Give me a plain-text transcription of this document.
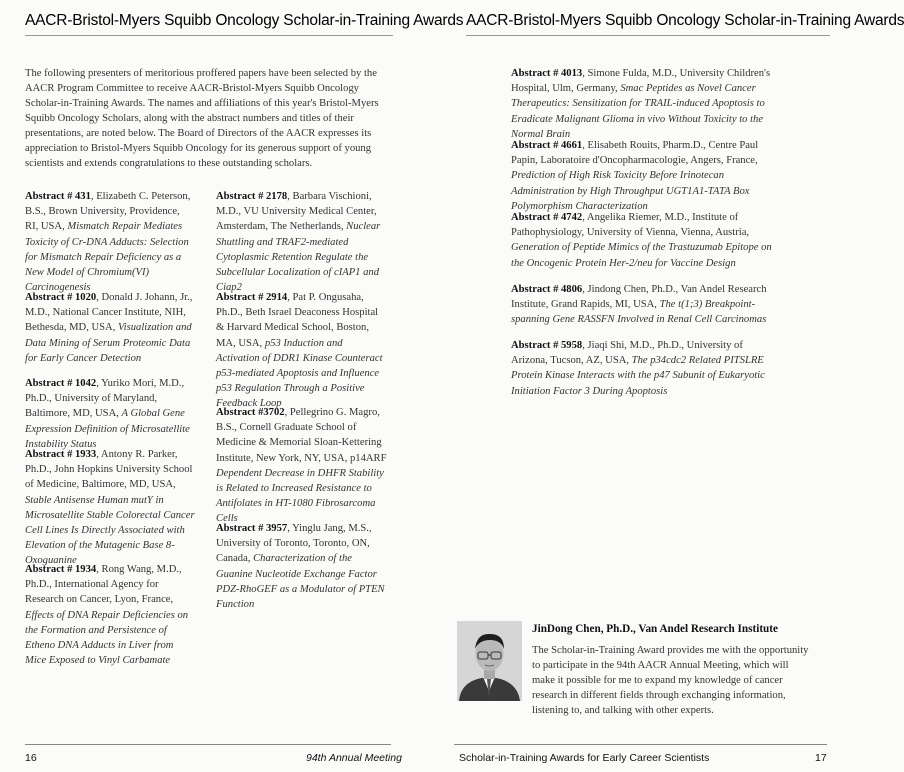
AACR-Bristol-Myers Squibb Oncology Scholar-in-Training Awards AACR-Bristol-Myers Squibb Oncology Scholar-in-Training Awards
The following presenters of meritorious proffered papers have been selected by the AACR Program Committee to receive AACR-Bristol-Myers Squibb Oncology Scholar-in-Training Awards. The names and affiliations of this year's Bristol-Myers Squibb Oncology Scholars, along with the abstract numbers and titles of their presentations, are noted below. The Board of Directors of the AACR expresses its appreciation to Bristol-Myers Squibb Oncology for its generous support of young scientists and extends congratulations to these outstanding scholars.
Abstract # 431, Elizabeth C. Peterson, B.S., Brown University, Providence, RI, USA, Mismatch Repair Mediates Toxicity of Cr-DNA Adducts: Selection for Mismatch Repair Deficiency as a New Model of Chromium(VI) Carcinogenesis
Abstract # 1020, Donald J. Johann, Jr., M.D., National Cancer Institute, NIH, Bethesda, MD, USA, Visualization and Data Mining of Serum Proteomic Data for Early Cancer Detection
Abstract # 1042, Yuriko Mori, M.D., Ph.D., University of Maryland, Baltimore, MD, USA, A Global Gene Expression Definition of Microsatellite Instability Status
Abstract # 1933, Antony R. Parker, Ph.D., John Hopkins University School of Medicine, Baltimore, MD, USA, Stable Antisense Human mutY in Microsatellite Stable Colorectal Cancer Cell Lines Is Directly Associated with Elevation of the Mutagenic Base 8-Oxoguanine
Abstract # 1934, Rong Wang, M.D., Ph.D., International Agency for Research on Cancer, Lyon, France, Effects of DNA Repair Deficiencies on the Formation and Persistence of Etheno DNA Adducts in Liver from Mice Exposed to Vinyl Carbamate
Abstract # 2178, Barbara Vischioni, M.D., VU University Medical Center, Amsterdam, The Netherlands, Nuclear Shuttling and TRAF2-mediated Cytoplasmic Retention Regulate the Subcellular Localization of cIAP1 and Ciap2
Abstract # 2914, Pat P. Ongusaha, Ph.D., Beth Israel Deaconess Hospital & Harvard Medical School, Boston, MA, USA, p53 Induction and Activation of DDR1 Kinase Counteract p53-mediated Apoptosis and Influence p53 Regulation Through a Positive Feedback Loop
Abstract #3702, Pellegrino G. Magro, B.S., Cornell Graduate School of Medicine & Memorial Sloan-Kettering Institute, New York, NY, USA, p14ARF Dependent Decrease in DHFR Stability is Related to Increased Resistance to Antifolates in HT-1080 Fibrosarcoma Cells
Abstract # 3957, Yinglu Jang, M.S., University of Toronto, Toronto, ON, Canada, Characterization of the Guanine Nucleotide Exchange Factor PDZ-RhoGEF as a Modulator of PTEN Function
Abstract # 4013, Simone Fulda, M.D., University Children's Hospital, Ulm, Germany, Smac Peptides as Novel Cancer Therapeutics: Sensitization for TRAIL-induced Apoptosis to Eradicate Malignant Glioma in vivo Without Toxicity to the Normal Brain
Abstract # 4661, Elisabeth Rouits, Pharm.D., Centre Paul Papin, Laboratoire d'Oncopharmacologie, Angers, France, Prediction of High Risk Toxicity Before Irinotecan Administration by High Throughput UGT1A1-TATA Box Polymorphism Characterization
Abstract # 4742, Angelika Riemer, M.D., Institute of Pathophysiology, University of Vienna, Vienna, Austria, Generation of Peptide Mimics of the Trastuzumab Epitope on the Oncogenic Protein Her-2/neu for Vaccine Design
Abstract # 4806, Jindong Chen, Ph.D., Van Andel Research Institute, Grand Rapids, MI, USA, The t(1;3) Breakpoint-spanning Gene RASSFN Involved in Renal Cell Carcinomas
Abstract # 5958, Jiaqi Shi, M.D., Ph.D., University of Arizona, Tucson, AZ, USA, The p34cdc2 Related PITSLRE Protein Kinase Interacts with the p47 Subunit of Eukaryotic Initiation Factor 3 During Apoptosis
JinDong Chen, Ph.D., Van Andel Research Institute
The Scholar-in-Training Award provides me with the opportunity to participate in the 94th AACR Annual Meeting, which will make it possible for me to expand my knowledge of cancer research in different fields through exchanging information, listening to, and talking with other experts.
16	94th Annual Meeting	Scholar-in-Training Awards for Early Career Scientists	17
